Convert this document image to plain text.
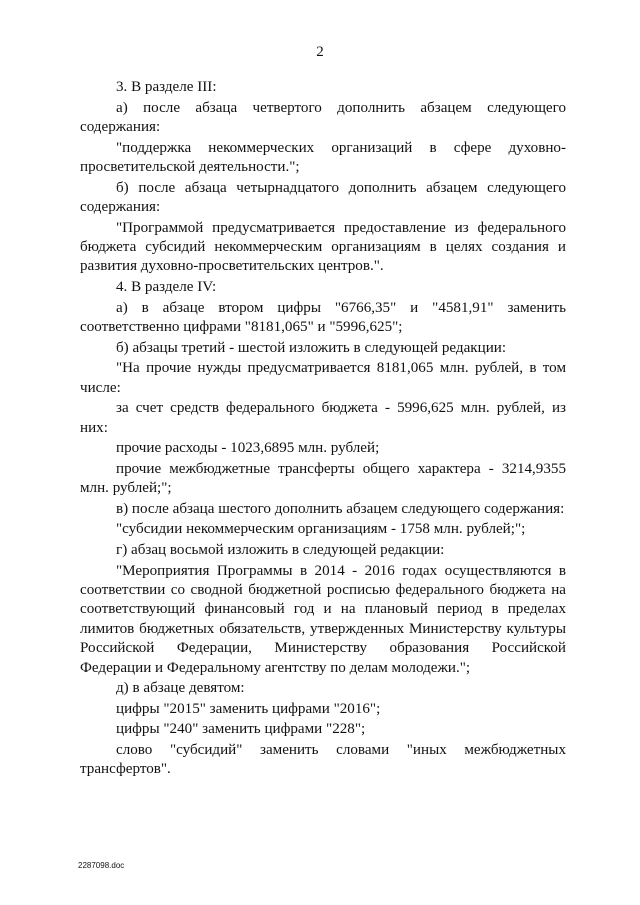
2

3. В разделе III:

а) после абзаца четвертого дополнить абзацем следующего содержания:

"поддержка некоммерческих организаций в сфере духовно-просветительской деятельности.";

б) после абзаца четырнадцатого дополнить абзацем следующего содержания:

"Программой предусматривается предоставление из федерального бюджета субсидий некоммерческим организациям в целях создания и развития духовно-просветительских центров.".

4. В разделе IV:

а) в абзаце втором цифры "6766,35" и "4581,91" заменить соответственно цифрами "8181,065" и "5996,625";

б) абзацы третий - шестой изложить в следующей редакции:

"На прочие нужды предусматривается 8181,065 млн. рублей, в том числе:

за счет средств федерального бюджета - 5996,625 млн. рублей, из них:

прочие расходы - 1023,6895 млн. рублей;

прочие межбюджетные трансферты общего характера - 3214,9355 млн. рублей;";

в) после абзаца шестого дополнить абзацем следующего содержания:

"субсидии некоммерческим организациям - 1758 млн. рублей;";

г) абзац восьмой изложить в следующей редакции:

"Мероприятия Программы в 2014 - 2016 годах осуществляются в соответствии со сводной бюджетной росписью федерального бюджета на соответствующий финансовый год и на плановый период в пределах лимитов бюджетных обязательств, утвержденных Министерству культуры Российской Федерации, Министерству образования Российской Федерации и Федеральному агентству по делам молодежи.";

д) в абзаце девятом:

цифры "2015" заменить цифрами "2016";

цифры "240" заменить цифрами "228";

слово "субсидий" заменить словами "иных межбюджетных трансфертов".

2287098.doc
